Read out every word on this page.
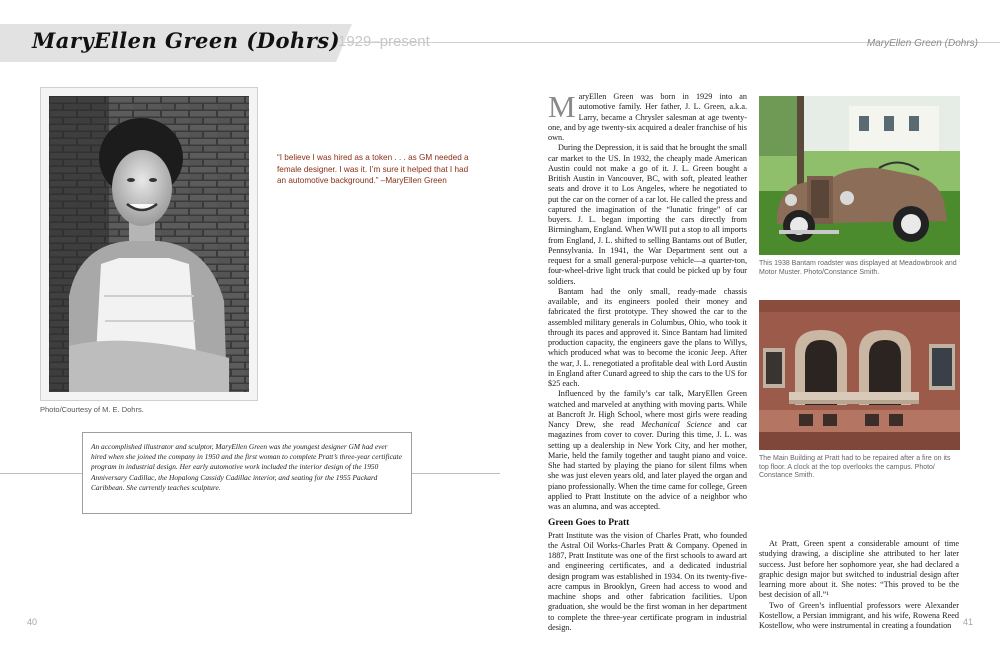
MaryEllen Green (Dohrs)
1929–present	MaryEllen Green (Dohrs)
Photo/Courtesy of M. E. Dohrs.
“I believe I was hired as a token . . . as GM needed a female designer. I was it. I’m sure it helped that I had an automotive background.” –MaryEllen Green
An accomplished illustrator and sculptor, MaryEllen Green was the youngest designer GM had ever hired when she joined the company in 1950 and the first woman to complete Pratt’s three-year certificate program in industrial design. Her early automotive work included the interior design of the 1950 Anniversary Cadillac, the Hopalong Cassidy Cadillac interior, and seating for the 1955 Packard Caribbean. She currently teaches sculpture.
40

MaryEllen Green was born in 1929 into an automotive family. Her father, J. L. Green, a.k.a. Larry, became a Chrysler salesman at age twenty-one, and by age twenty-six acquired a dealer franchise of his own.

During the Depression, it is said that he brought the small car market to the US. In 1932, the cheaply made American Austin could not make a go of it. J. L. Green bought a British Austin in Vancouver, BC, with soft, pleated leather seats and drove it to Los Angeles, where he negotiated to put the car on the corner of a car lot. He called the press and captured the imagination of the “lunatic fringe” of car buyers. J. L. began importing the cars directly from Birmingham, England. When WWII put a stop to all imports from England, J. L. shifted to selling Bantams out of Butler, Pennsylvania. In 1941, the War Department sent out a request for a small general-purpose vehicle—a quarter-ton, four-wheel-drive light truck that could be picked up by four soldiers.

Bantam had the only small, ready-made chassis available, and its engineers pooled their money and fabricated the first prototype. They showed the car to the assembled military generals in Columbus, Ohio, who took it through its paces and approved it. Since Bantam had limited production capacity, the engineers gave the plans to Willys, which produced what was to become the iconic Jeep. After the war, J. L. renegotiated a profitable deal with Lord Austin in England after Cunard agreed to ship the cars to the US for $25 each.

Influenced by the family’s car talk, MaryEllen Green watched and marveled at anything with moving parts. While at Bancroft Jr. High School, where most girls were reading Nancy Drew, she read Mechanical Science and car magazines from cover to cover. During this time, J. L. was setting up a dealership in New York City, and her mother, Marie, held the family together and taught piano and voice. She had started by playing the piano for silent films when she was just eleven years old, and later played the organ and piano professionally. When the time came for college, Green applied to Pratt Institute on the advice of a neighbor who was an alumna, and was accepted.

Green Goes to Pratt

Pratt Institute was the vision of Charles Pratt, who founded the Astral Oil Works-Charles Pratt & Company. Opened in 1887, Pratt Institute was one of the first schools to award art and engineering certificates, and a dedicated industrial design program was established in 1934. On its twenty-five-acre campus in Brooklyn, Green had access to wood and machine shops and other fabrication facilities. Upon graduation, she would be the first woman in her department to complete the three-year certificate program in industrial design.

This 1938 Bantam roadster was displayed at Meadowbrook and Motor Muster. Photo/Constance Smith.
The Main Building at Pratt had to be repaired after a fire on its top floor. A clock at the top overlooks the campus. Photo/ Constance Smith.

At Pratt, Green spent a considerable amount of time studying drawing, a discipline she attributed to her later success. Just before her sophomore year, she had declared a graphic design major but switched to industrial design after learning more about it. She notes: “This proved to be the best decision of all.”¹

Two of Green’s influential professors were Alexander Kostellow, a Persian immigrant, and his wife, Rowena Reed Kostellow, who were instrumental in creating a foundation	41
